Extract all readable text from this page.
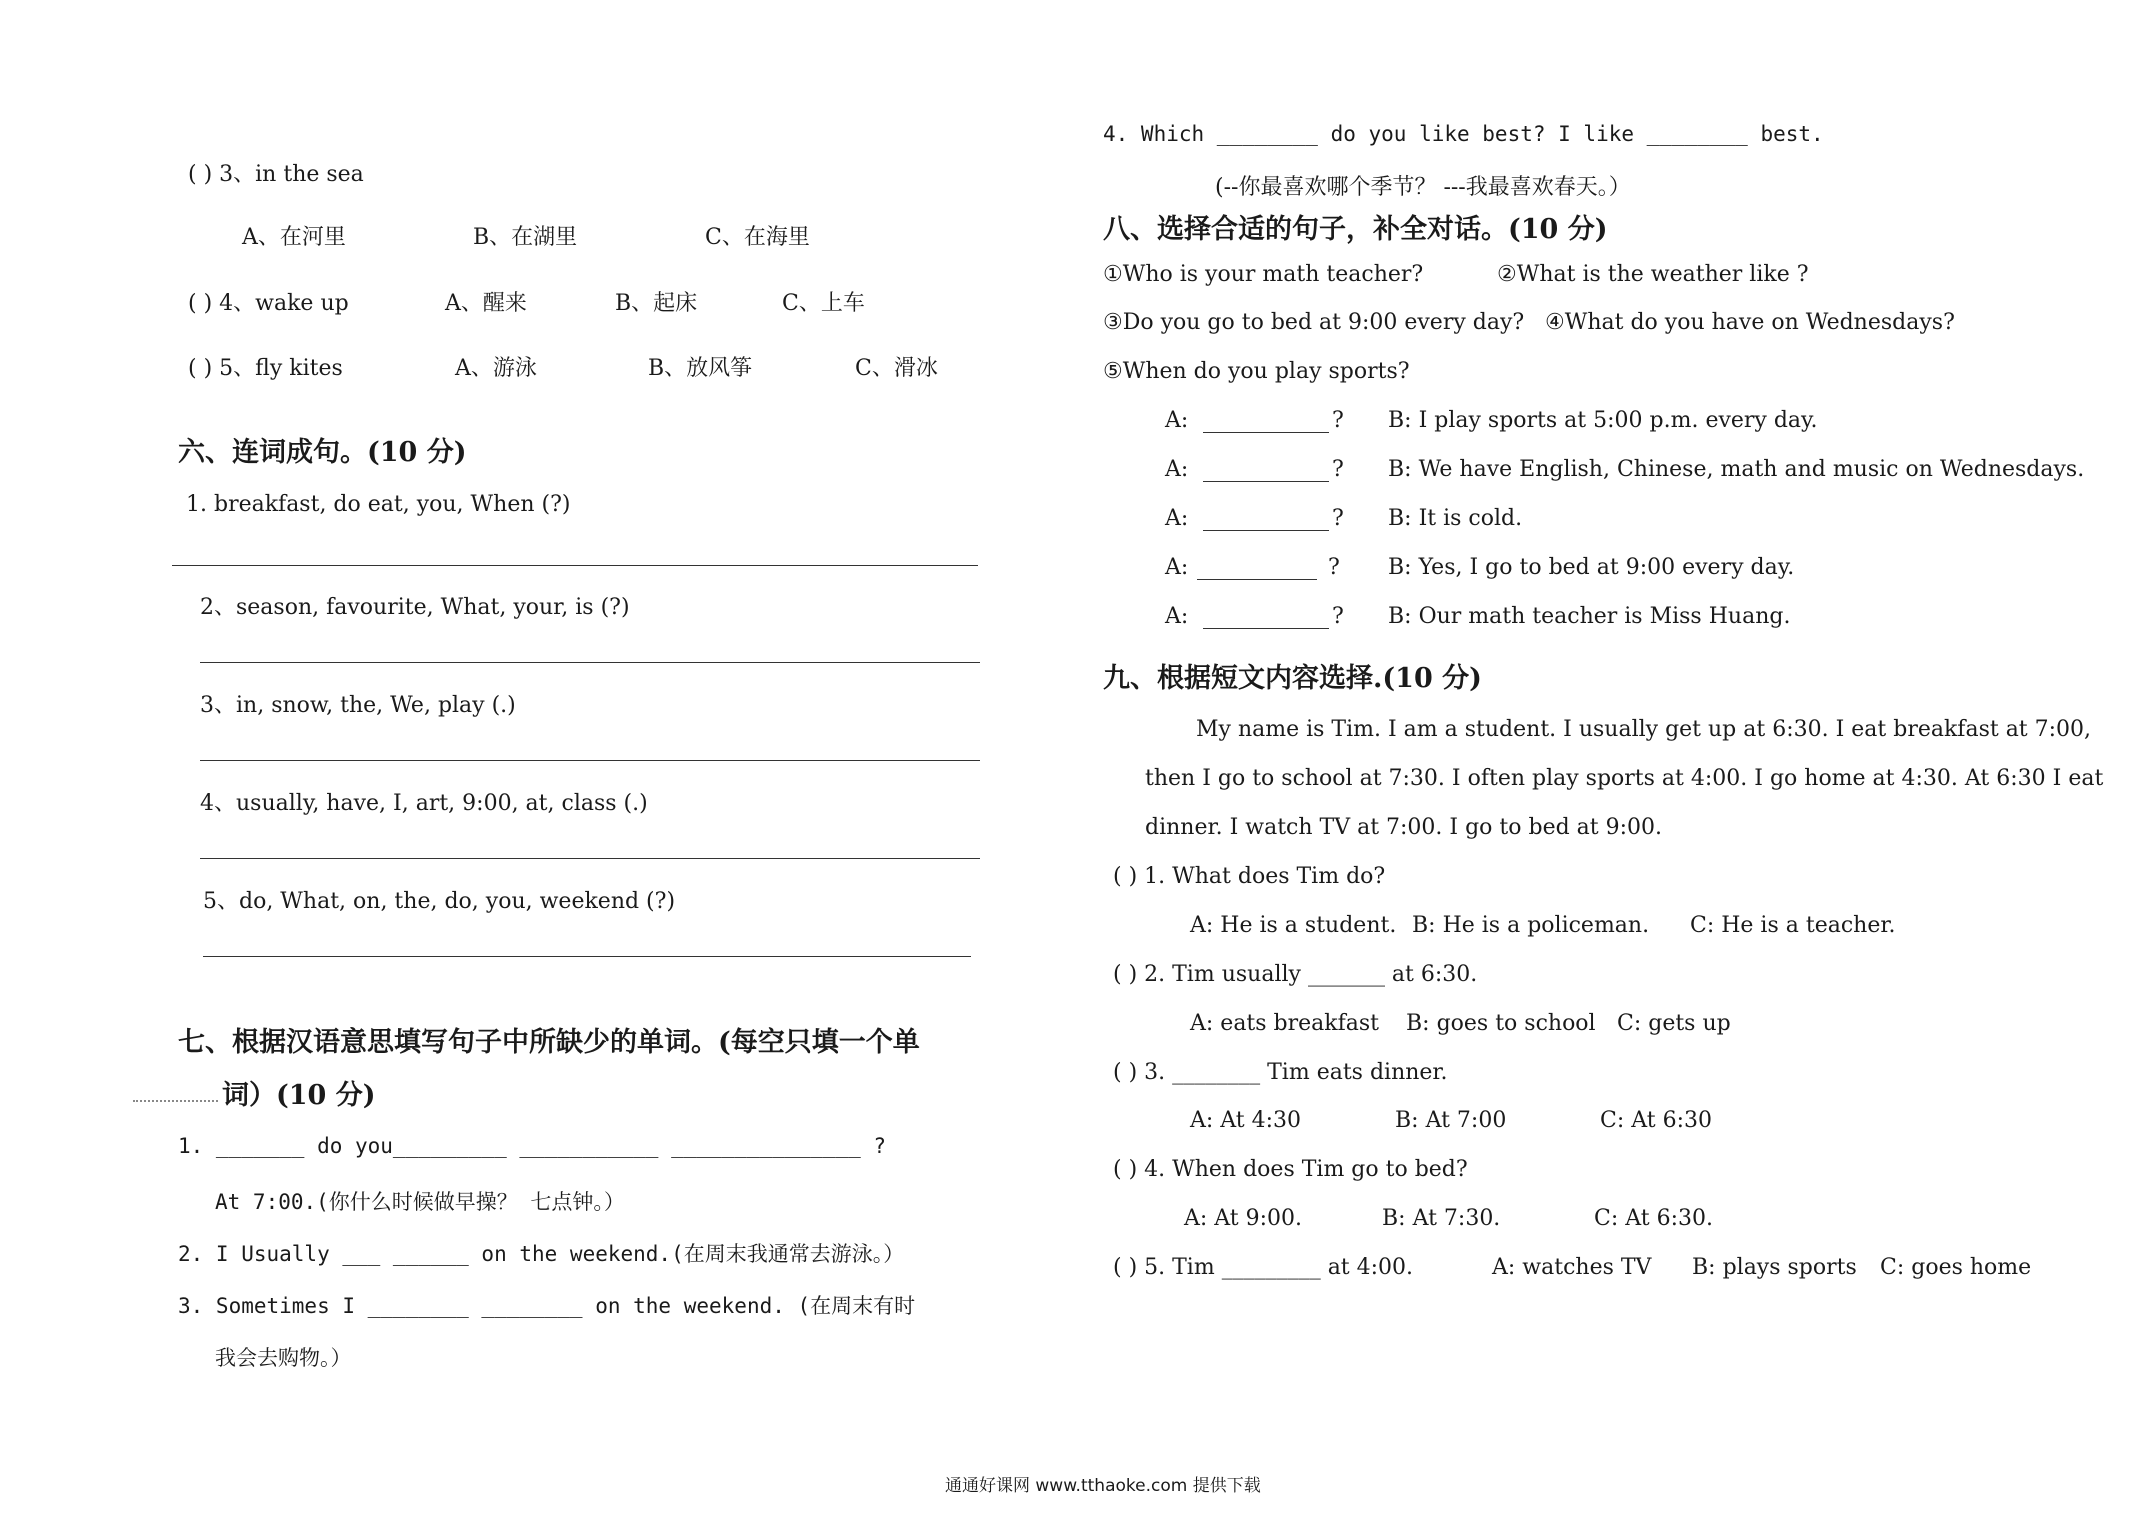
( ) 3、in the sea
A、在河里	B、在湖里	C、在海里
( ) 4、wake up	A、醒来	B、起床	C、上车
( ) 5、fly kites	A、游泳	B、放风筝	C、滑冰
六、连词成句。(10 分)
1. breakfast, do eat, you, When (?)
2、season, favourite, What, your, is (?)
3、in, snow, the, We, play (.)
4、usually, have, I, art, 9:00, at, class (.)
5、do, What, on, the, do, you, weekend (?)
七、根据汉语意思填写句子中所缺少的单词。(每空只填一个单
词）(10 分)
1. _______ do you_________ ___________ _______________ ?
At 7:00.(你什么时候做早操？ 七点钟。）
2. I Usually ___ ______ on the weekend.(在周末我通常去游泳。）
3. Sometimes I ________ ________ on the weekend. (在周末有时
我会去购物。）
4. Which ________ do you like best? I like ________ best.
(--你最喜欢哪个季节？ ---我最喜欢春天。）
八、选择合适的句子，补全对话。(10 分)
①Who is your math teacher?	②What is the weather like ?
③Do you go to bed at 9:00 every day? ④What do you have on Wednesdays?
⑤When do you play sports?
A:	? B: I play sports at 5:00 p.m. every day.
A:	? B: We have English, Chinese, math and music on Wednesdays.
A:	? B: It is cold.
A:	? B: Yes, I go to bed at 9:00 every day.
A:	? B: Our math teacher is Miss Huang.
九、根据短文内容选择.(10 分)
My name is Tim. I am a student. I usually get up at 6:30. I eat breakfast at 7:00,
then I go to school at 7:30. I often play sports at 4:00. I go home at 4:30. At 6:30 I eat
dinner. I watch TV at 7:00. I go to bed at 9:00.
( ) 1. What does Tim do?
A: He is a student. B: He is a policeman. C: He is a teacher.
( ) 2. Tim usually _______ at 6:30.
A: eats breakfast B: goes to school C: gets up
( ) 3. ________ Tim eats dinner.
A: At 4:30	B: At 7:00	C: At 6:30
( ) 4. When does Tim go to bed?
A: At 9:00.	B: At 7:30.	C: At 6:30.
( ) 5. Tim _________ at 4:00.	A: watches TV B: plays sports C: goes home
通通好课网 www.tthaoke.com 提供下载
